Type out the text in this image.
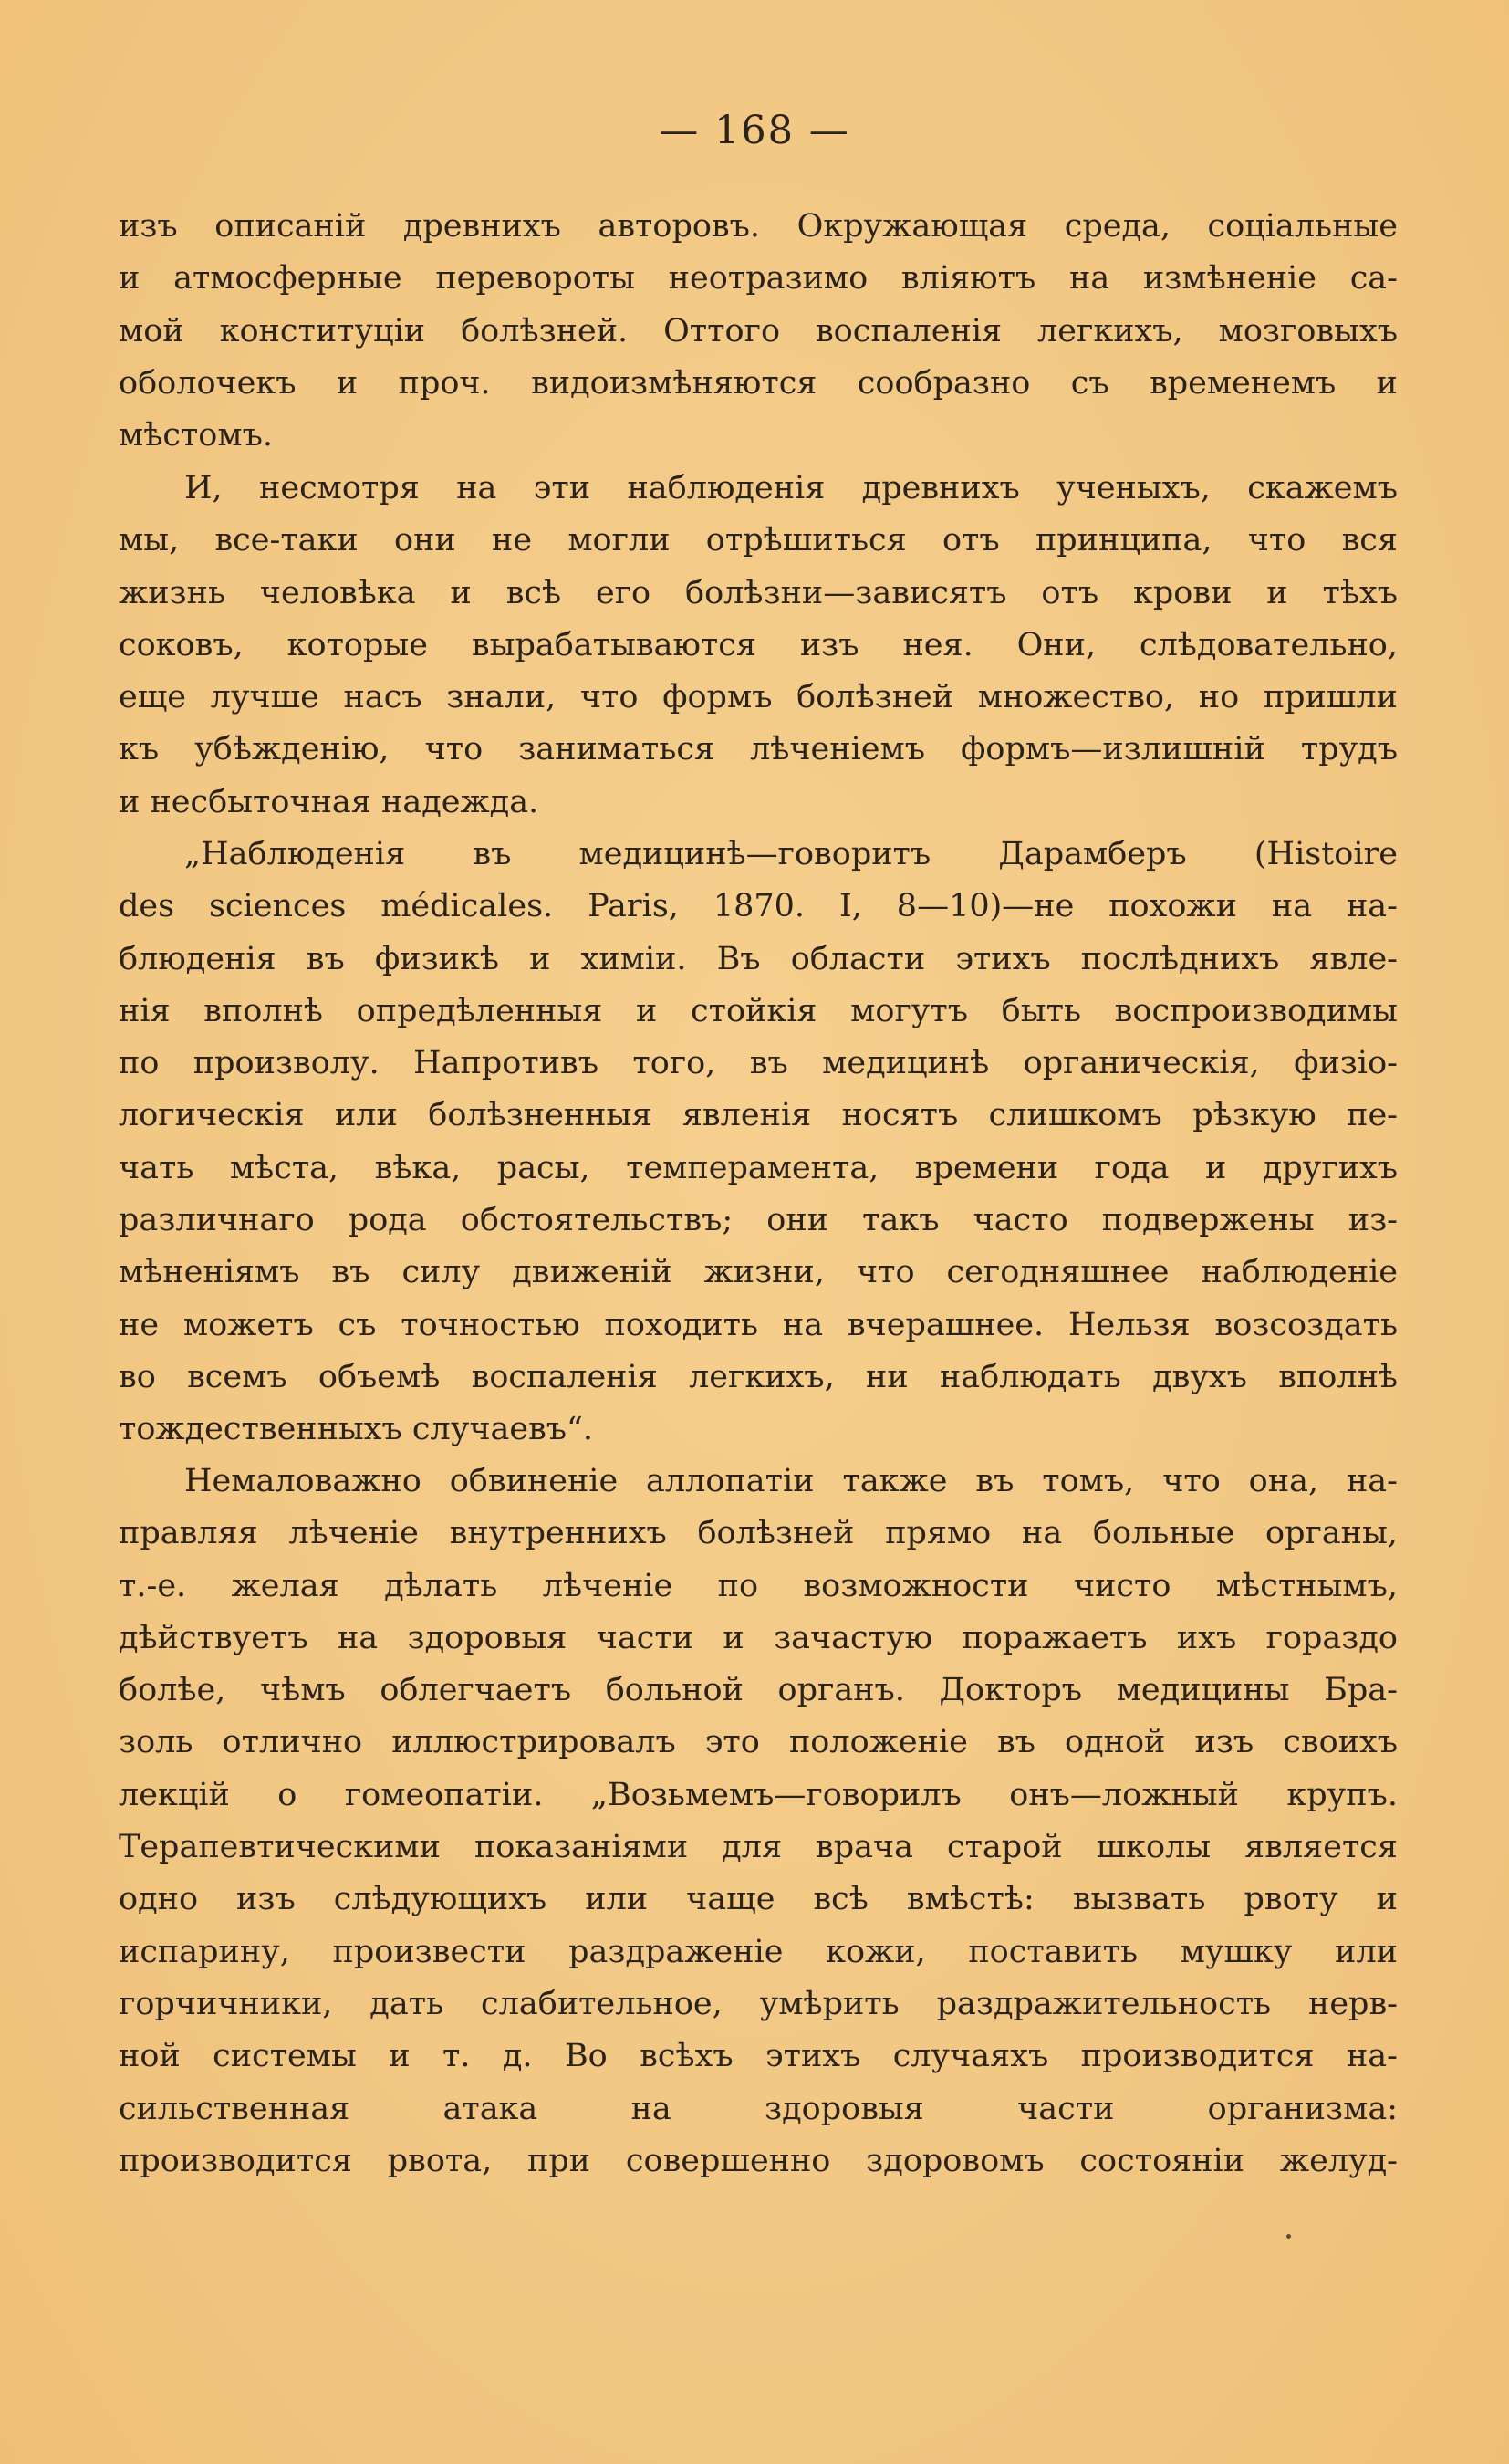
— 168 —
изъ описаній древнихъ авторовъ. Окружающая среда, соціальные
и атмосферные перевороты неотразимо вліяютъ на измѣненіе са-
мой конституціи болѣзней. Оттого воспаленія легкихъ, мозговыхъ
оболочекъ и проч. видоизмѣняются сообразно съ временемъ и
мѣстомъ.
И, несмотря на эти наблюденія древнихъ ученыхъ, скажемъ
мы, все-таки они не могли отрѣшиться отъ принципа, что вся
жизнь человѣка и всѣ его болѣзни—зависятъ отъ крови и тѣхъ
соковъ, которые вырабатываются изъ нея. Они, слѣдовательно,
еще лучше насъ знали, что формъ болѣзней множество, но пришли
къ убѣжденію, что заниматься лѣченіемъ формъ—излишній трудъ
и несбыточная надежда.
„Наблюденія въ медицинѣ—говоритъ Дарамберъ (Histoire
des sciences médicales. Paris, 1870. I, 8—10)—не похожи на на-
блюденія въ физикѣ и химіи. Въ области этихъ послѣднихъ явле-
нія вполнѣ опредѣленныя и стойкія могутъ быть воспроизводимы
по произволу. Напротивъ того, въ медицинѣ органическія, физіо-
логическія или болѣзненныя явленія носятъ слишкомъ рѣзкую пе-
чать мѣста, вѣка, расы, темперамента, времени года и другихъ
различнаго рода обстоятельствъ; они такъ часто подвержены из-
мѣненіямъ въ силу движеній жизни, что сегодняшнее наблюденіе
не можетъ съ точностью походить на вчерашнее. Нельзя возсоздать
во всемъ объемѣ воспаленія легкихъ, ни наблюдать двухъ вполнѣ
тождественныхъ случаевъ“.
Немаловажно обвиненіе аллопатіи также въ томъ, что она, на-
правляя лѣченіе внутреннихъ болѣзней прямо на больные органы,
т.-е. желая дѣлать лѣченіе по возможности чисто мѣстнымъ,
дѣйствуетъ на здоровыя части и зачастую поражаетъ ихъ гораздо
болѣе, чѣмъ облегчаетъ больной органъ. Докторъ медицины Бра-
золь отлично иллюстрировалъ это положеніе въ одной изъ своихъ
лекцій о гомеопатіи. „Возьмемъ—говорилъ онъ—ложный крупъ.
Терапевтическими показаніями для врача старой школы является
одно изъ слѣдующихъ или чаще всѣ вмѣстѣ: вызвать рвоту и
испарину, произвести раздраженіе кожи, поставить мушку или
горчичники, дать слабительное, умѣрить раздражительность нерв-
ной системы и т. д. Во всѣхъ этихъ случаяхъ производится на-
сильственная атака на здоровыя части организма:
производится рвота, при совершенно здоровомъ состояніи желуд-
